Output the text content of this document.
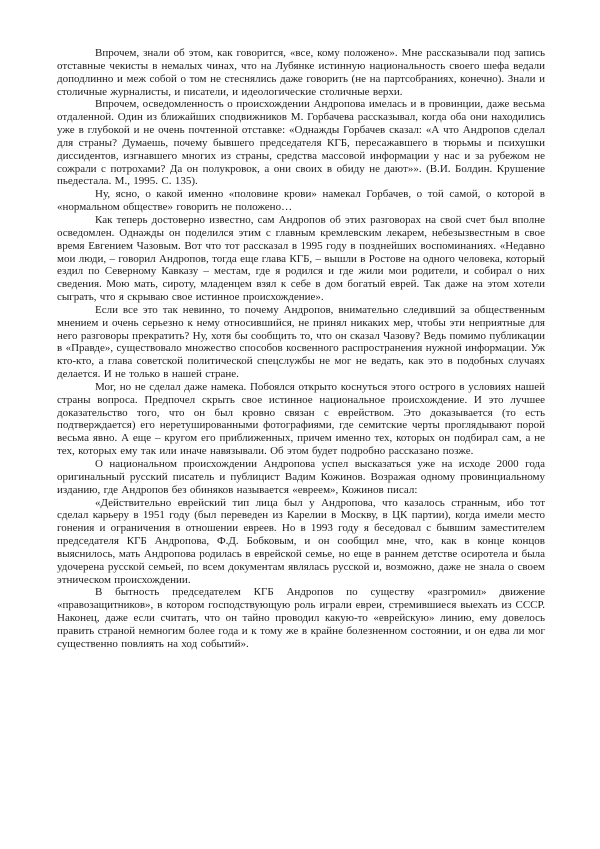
Впрочем, знали об этом, как говорится, «все, кому положено». Мне рассказывали под запись отставные чекисты в немалых чинах, что на Лубянке истинную национальность своего шефа ведали доподлинно и меж собой о том не стеснялись даже говорить (не на партсобраниях, конечно). Знали и столичные журналисты, и писатели, и идеологические столичные верхи.

Впрочем, осведомленность о происхождении Андропова имелась и в провинции, даже весьма отдаленной. Один из ближайших сподвижников М. Горбачева рассказывал, когда оба они находились уже в глубокой и не очень почтенной отставке: «Однажды Горбачев сказал: «А что Андропов сделал для страны? Думаешь, почему бывшего председателя КГБ, пересажавшего в тюрьмы и психушки диссидентов, изгнавшего многих из страны, средства массовой информации у нас и за рубежом не сожрали с потрохами? Да он полукровок, а они своих в обиду не дают»». (В.И. Болдин. Крушение пьедестала. М., 1995. С. 135).

Ну, ясно, о какой именно «половине крови» намекал Горбачев, о той самой, о которой в «нормальном обществе» говорить не положено…

Как теперь достоверно известно, сам Андропов об этих разговорах на свой счет был вполне осведомлен. Однажды он поделился этим с главным кремлевским лекарем, небезызвестным в свое время Евгением Чазовым. Вот что тот рассказал в 1995 году в позднейших воспоминаниях. «Недавно мои люди, – говорил Андропов, тогда еще глава КГБ, – вышли в Ростове на одного человека, который ездил по Северному Кавказу – местам, где я родился и где жили мои родители, и собирал о них сведения. Мою мать, сироту, младенцем взял к себе в дом богатый еврей. Так даже на этом хотели сыграть, что я скрываю свое истинное происхождение».

Если все это так невинно, то почему Андропов, внимательно следивший за общественным мнением и очень серьезно к нему относившийся, не принял никаких мер, чтобы эти неприятные для него разговоры прекратить? Ну, хотя бы сообщить то, что он сказал Чазову? Ведь помимо публикации в «Правде», существовало множество способов косвенного распространения нужной информации. Уж кто-кто, а глава советской политической спецслужбы не мог не ведать, как это в подобных случаях делается. И не только в нашей стране.

Мог, но не сделал даже намека. Побоялся открыто коснуться этого острого в условиях нашей страны вопроса. Предпочел скрыть свое истинное национальное происхождение. И это лучшее доказательство того, что он был кровно связан с еврейством. Это доказывается (то есть подтверждается) его неретушированными фотографиями, где семитские черты проглядывают порой весьма явно. А еще – кругом его приближенных, причем именно тех, которых он подбирал сам, а не тех, которых ему так или иначе навязывали. Об этом будет подробно рассказано позже.

О национальном происхождении Андропова успел высказаться уже на исходе 2000 года оригинальный русский писатель и публицист Вадим Кожинов. Возражая одному провинциальному изданию, где Андропов без обиняков называется «евреем», Кожинов писал:

«Действительно еврейский тип лица был у Андропова, что казалось странным, ибо тот сделал карьеру в 1951 году (был переведен из Карелии в Москву, в ЦК партии), когда имели место гонения и ограничения в отношении евреев. Но в 1993 году я беседовал с бывшим заместителем председателя КГБ Андропова, Ф.Д. Бобковым, и он сообщил мне, что, как в конце концов выяснилось, мать Андропова родилась в еврейской семье, но еще в раннем детстве осиротела и была удочерена русской семьей, по всем документам являлась русской и, возможно, даже не знала о своем этническом происхождении.

В бытность председателем КГБ Андропов по существу «разгромил» движение «правозащитников», в котором господствующую роль играли евреи, стремившиеся выехать из СССР. Наконец, даже если считать, что он тайно проводил какую-то «еврейскую» линию, ему довелось править страной немногим более года и к тому же в крайне болезненном состоянии, и он едва ли мог существенно повлиять на ход событий».
